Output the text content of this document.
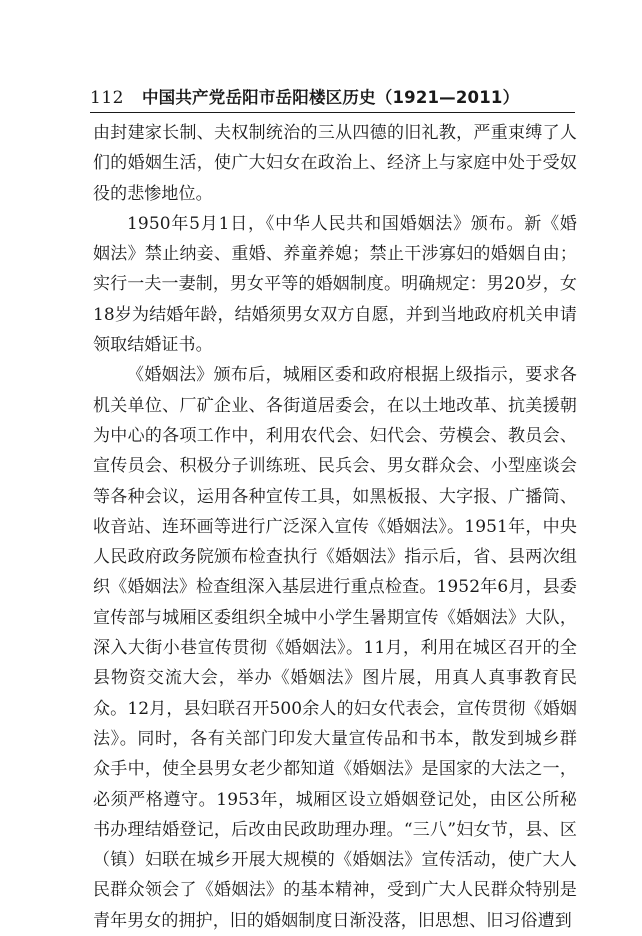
112 中国共产党岳阳市岳阳楼区历史（1921—2011）

由封建家长制、夫权制统治的三从四德的旧礼教，严重束缚了人们的婚姻生活，使广大妇女在政治上、经济上与家庭中处于受奴役的悲惨地位。

1950年5月1日，《中华人民共和国婚姻法》颁布。新《婚姻法》禁止纳妾、重婚、养童养媳；禁止干涉寡妇的婚姻自由；实行一夫一妻制，男女平等的婚姻制度。明确规定：男20岁，女18岁为结婚年龄，结婚须男女双方自愿，并到当地政府机关申请领取结婚证书。

《婚姻法》颁布后，城厢区委和政府根据上级指示，要求各机关单位、厂矿企业、各街道居委会，在以土地改革、抗美援朝为中心的各项工作中，利用农代会、妇代会、劳模会、教员会、宣传员会、积极分子训练班、民兵会、男女群众会、小型座谈会等各种会议，运用各种宣传工具，如黑板报、大字报、广播筒、收音站、连环画等进行广泛深入宣传《婚姻法》。1951年，中央人民政府政务院颁布检查执行《婚姻法》指示后，省、县两次组织《婚姻法》检查组深入基层进行重点检查。1952年6月，县委宣传部与城厢区委组织全城中小学生暑期宣传《婚姻法》大队，深入大街小巷宣传贯彻《婚姻法》。11月，利用在城区召开的全县物资交流大会，举办《婚姻法》图片展，用真人真事教育民众。12月，县妇联召开500余人的妇女代表会，宣传贯彻《婚姻法》。同时，各有关部门印发大量宣传品和书本，散发到城乡群众手中，使全县男女老少都知道《婚姻法》是国家的大法之一，必须严格遵守。1953年，城厢区设立婚姻登记处，由区公所秘书办理结婚登记，后改由民政助理办理。“三八”妇女节，县、区（镇）妇联在城乡开展大规模的《婚姻法》宣传活动，使广大人民群众领会了《婚姻法》的基本精神，受到广大人民群众特别是青年男女的拥护，旧的婚姻制度日渐没落，旧思想、旧习俗遭到
